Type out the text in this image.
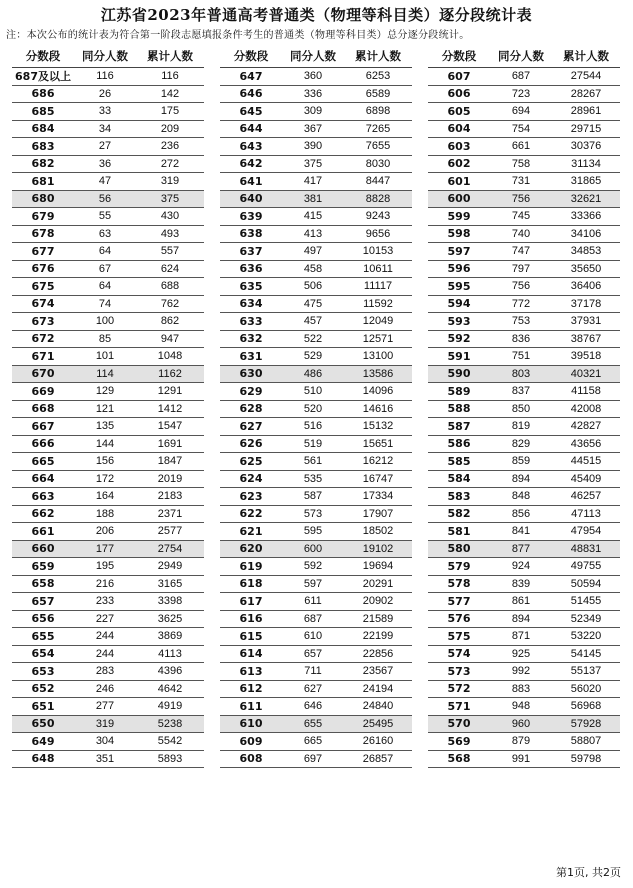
江苏省2023年普通高考普通类（物理等科目类）逐分段统计表
注：本次公布的统计表为符合第一阶段志愿填报条件考生的普通类（物理等科目类）总分逐分段统计。
分数段	同分人数	累计人数
687及以上	116	116
686	26	142
685	33	175
684	34	209
683	27	236
682	36	272
681	47	319
680	56	375
679	55	430
678	63	493
677	64	557
676	67	624
675	64	688
674	74	762
673	100	862
672	85	947
671	101	1048
670	114	1162
669	129	1291
668	121	1412
667	135	1547
666	144	1691
665	156	1847
664	172	2019
663	164	2183
662	188	2371
661	206	2577
660	177	2754
659	195	2949
658	216	3165
657	233	3398
656	227	3625
655	244	3869
654	244	4113
653	283	4396
652	246	4642
651	277	4919
650	319	5238
649	304	5542
648	351	5893
分数段	同分人数	累计人数
647	360	6253
646	336	6589
645	309	6898
644	367	7265
643	390	7655
642	375	8030
641	417	8447
640	381	8828
639	415	9243
638	413	9656
637	497	10153
636	458	10611
635	506	11117
634	475	11592
633	457	12049
632	522	12571
631	529	13100
630	486	13586
629	510	14096
628	520	14616
627	516	15132
626	519	15651
625	561	16212
624	535	16747
623	587	17334
622	573	17907
621	595	18502
620	600	19102
619	592	19694
618	597	20291
617	611	20902
616	687	21589
615	610	22199
614	657	22856
613	711	23567
612	627	24194
611	646	24840
610	655	25495
609	665	26160
608	697	26857
分数段	同分人数	累计人数
607	687	27544
606	723	28267
605	694	28961
604	754	29715
603	661	30376
602	758	31134
601	731	31865
600	756	32621
599	745	33366
598	740	34106
597	747	34853
596	797	35650
595	756	36406
594	772	37178
593	753	37931
592	836	38767
591	751	39518
590	803	40321
589	837	41158
588	850	42008
587	819	42827
586	829	43656
585	859	44515
584	894	45409
583	848	46257
582	856	47113
581	841	47954
580	877	48831
579	924	49755
578	839	50594
577	861	51455
576	894	52349
575	871	53220
574	925	54145
573	992	55137
572	883	56020
571	948	56968
570	960	57928
569	879	58807
568	991	59798
第1页, 共2页
